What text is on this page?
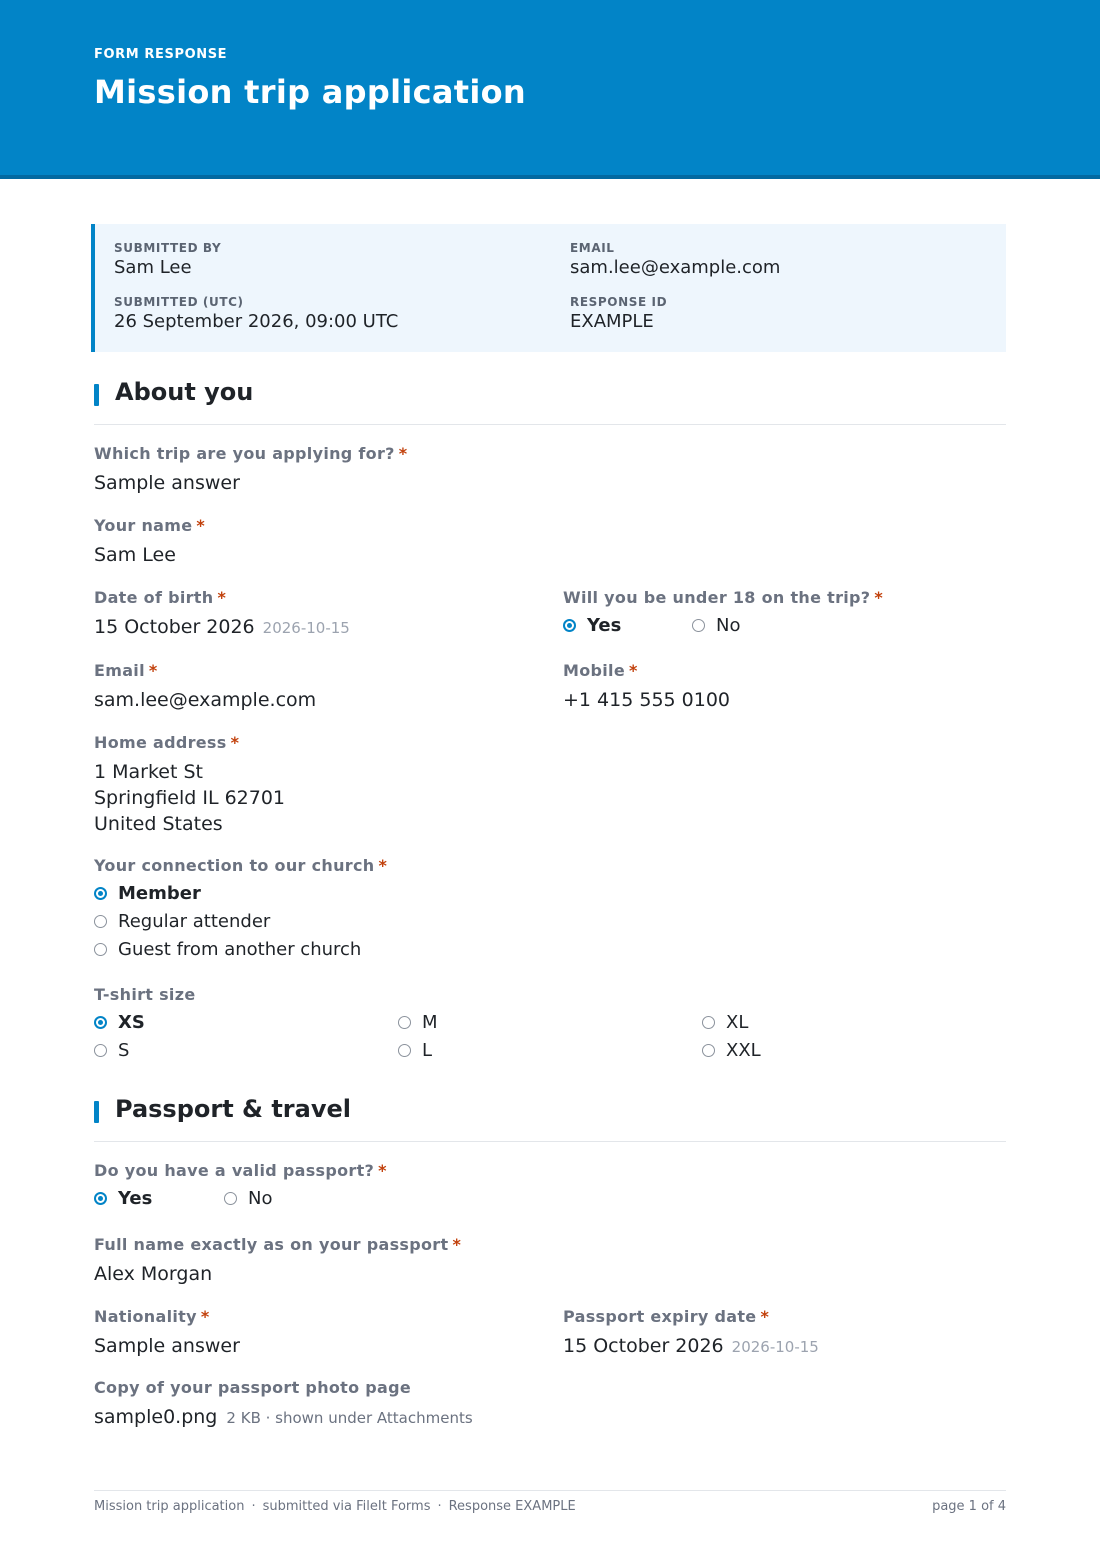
FORM RESPONSE
Mission trip application
SUBMITTED BY
Sam Lee
EMAIL
sam.lee@example.com
SUBMITTED (UTC)
26 September 2026, 09:00 UTC
RESPONSE ID
EXAMPLE
About you
Which trip are you applying for? *
Sample answer
Your name *
Sam Lee
Date of birth *
15 October 2026 2026-10-15
Will you be under 18 on the trip? *
Yes	No
Email *
sam.lee@example.com
Mobile *
+1 415 555 0100
Home address *
1 Market St
Springfield IL 62701
United States
Your connection to our church *
Member
Regular attender
Guest from another church
T-shirt size
XS	M	XL
S	L	XXL
Passport & travel
Do you have a valid passport? *
Yes	No
Full name exactly as on your passport *
Alex Morgan
Nationality *
Sample answer
Passport expiry date *
15 October 2026 2026-10-15
Copy of your passport photo page
sample0.png 2 KB · shown under Attachments
Mission trip application · submitted via FileIt Forms · Response EXAMPLE	page 1 of 4
